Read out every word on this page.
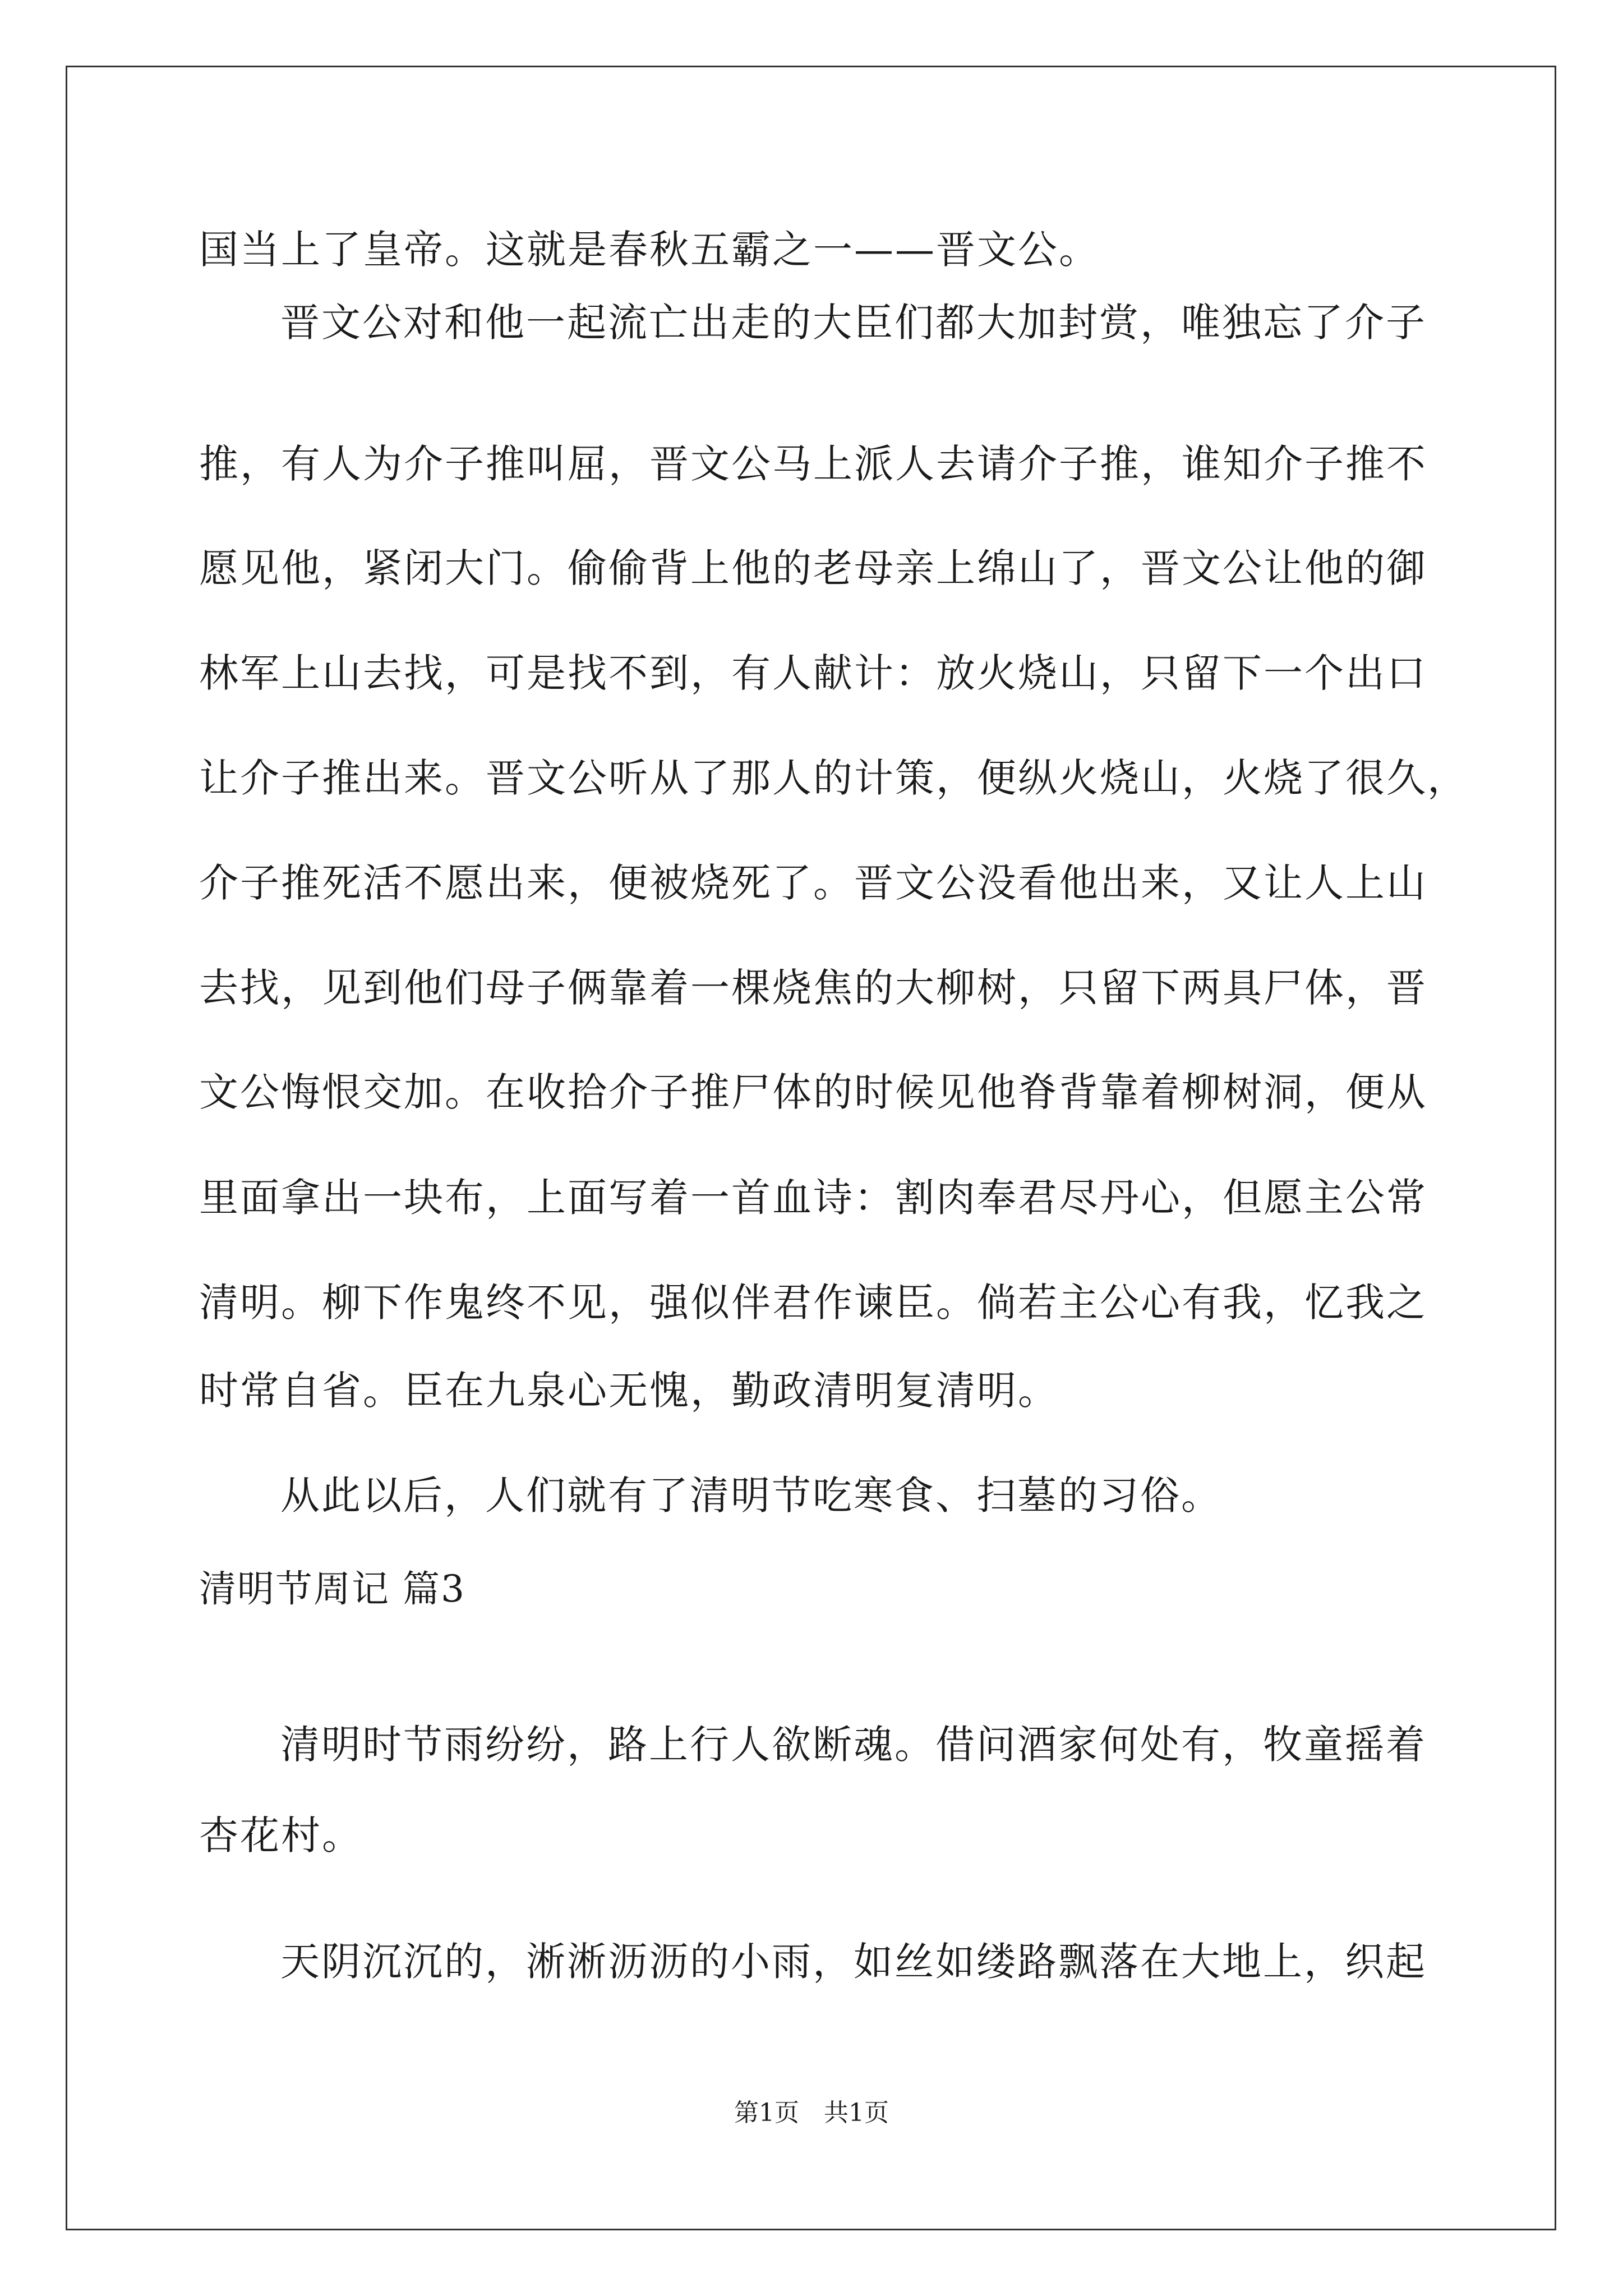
国当上了皇帝。这就是春秋五霸之一——晋文公。
晋文公对和他一起流亡出走的大臣们都大加封赏，唯独忘了介子
推，有人为介子推叫屈，晋文公马上派人去请介子推，谁知介子推不
愿见他，紧闭大门。偷偷背上他的老母亲上绵山了，晋文公让他的御
林军上山去找，可是找不到，有人献计：放火烧山，只留下一个出口
让介子推出来。晋文公听从了那人的计策，便纵火烧山，火烧了很久，
介子推死活不愿出来，便被烧死了。晋文公没看他出来，又让人上山
去找，见到他们母子俩靠着一棵烧焦的大柳树，只留下两具尸体，晋
文公悔恨交加。在收拾介子推尸体的时候见他脊背靠着柳树洞，便从
里面拿出一块布，上面写着一首血诗：割肉奉君尽丹心，但愿主公常
清明。柳下作鬼终不见，强似伴君作谏臣。倘若主公心有我，忆我之
时常自省。臣在九泉心无愧，勤政清明复清明。
从此以后，人们就有了清明节吃寒食、扫墓的习俗。
清明节周记 篇3
清明时节雨纷纷，路上行人欲断魂。借问酒家何处有，牧童摇着
杏花村。
天阴沉沉的，淅淅沥沥的小雨，如丝如缕路飘落在大地上，织起
第1页　共1页
